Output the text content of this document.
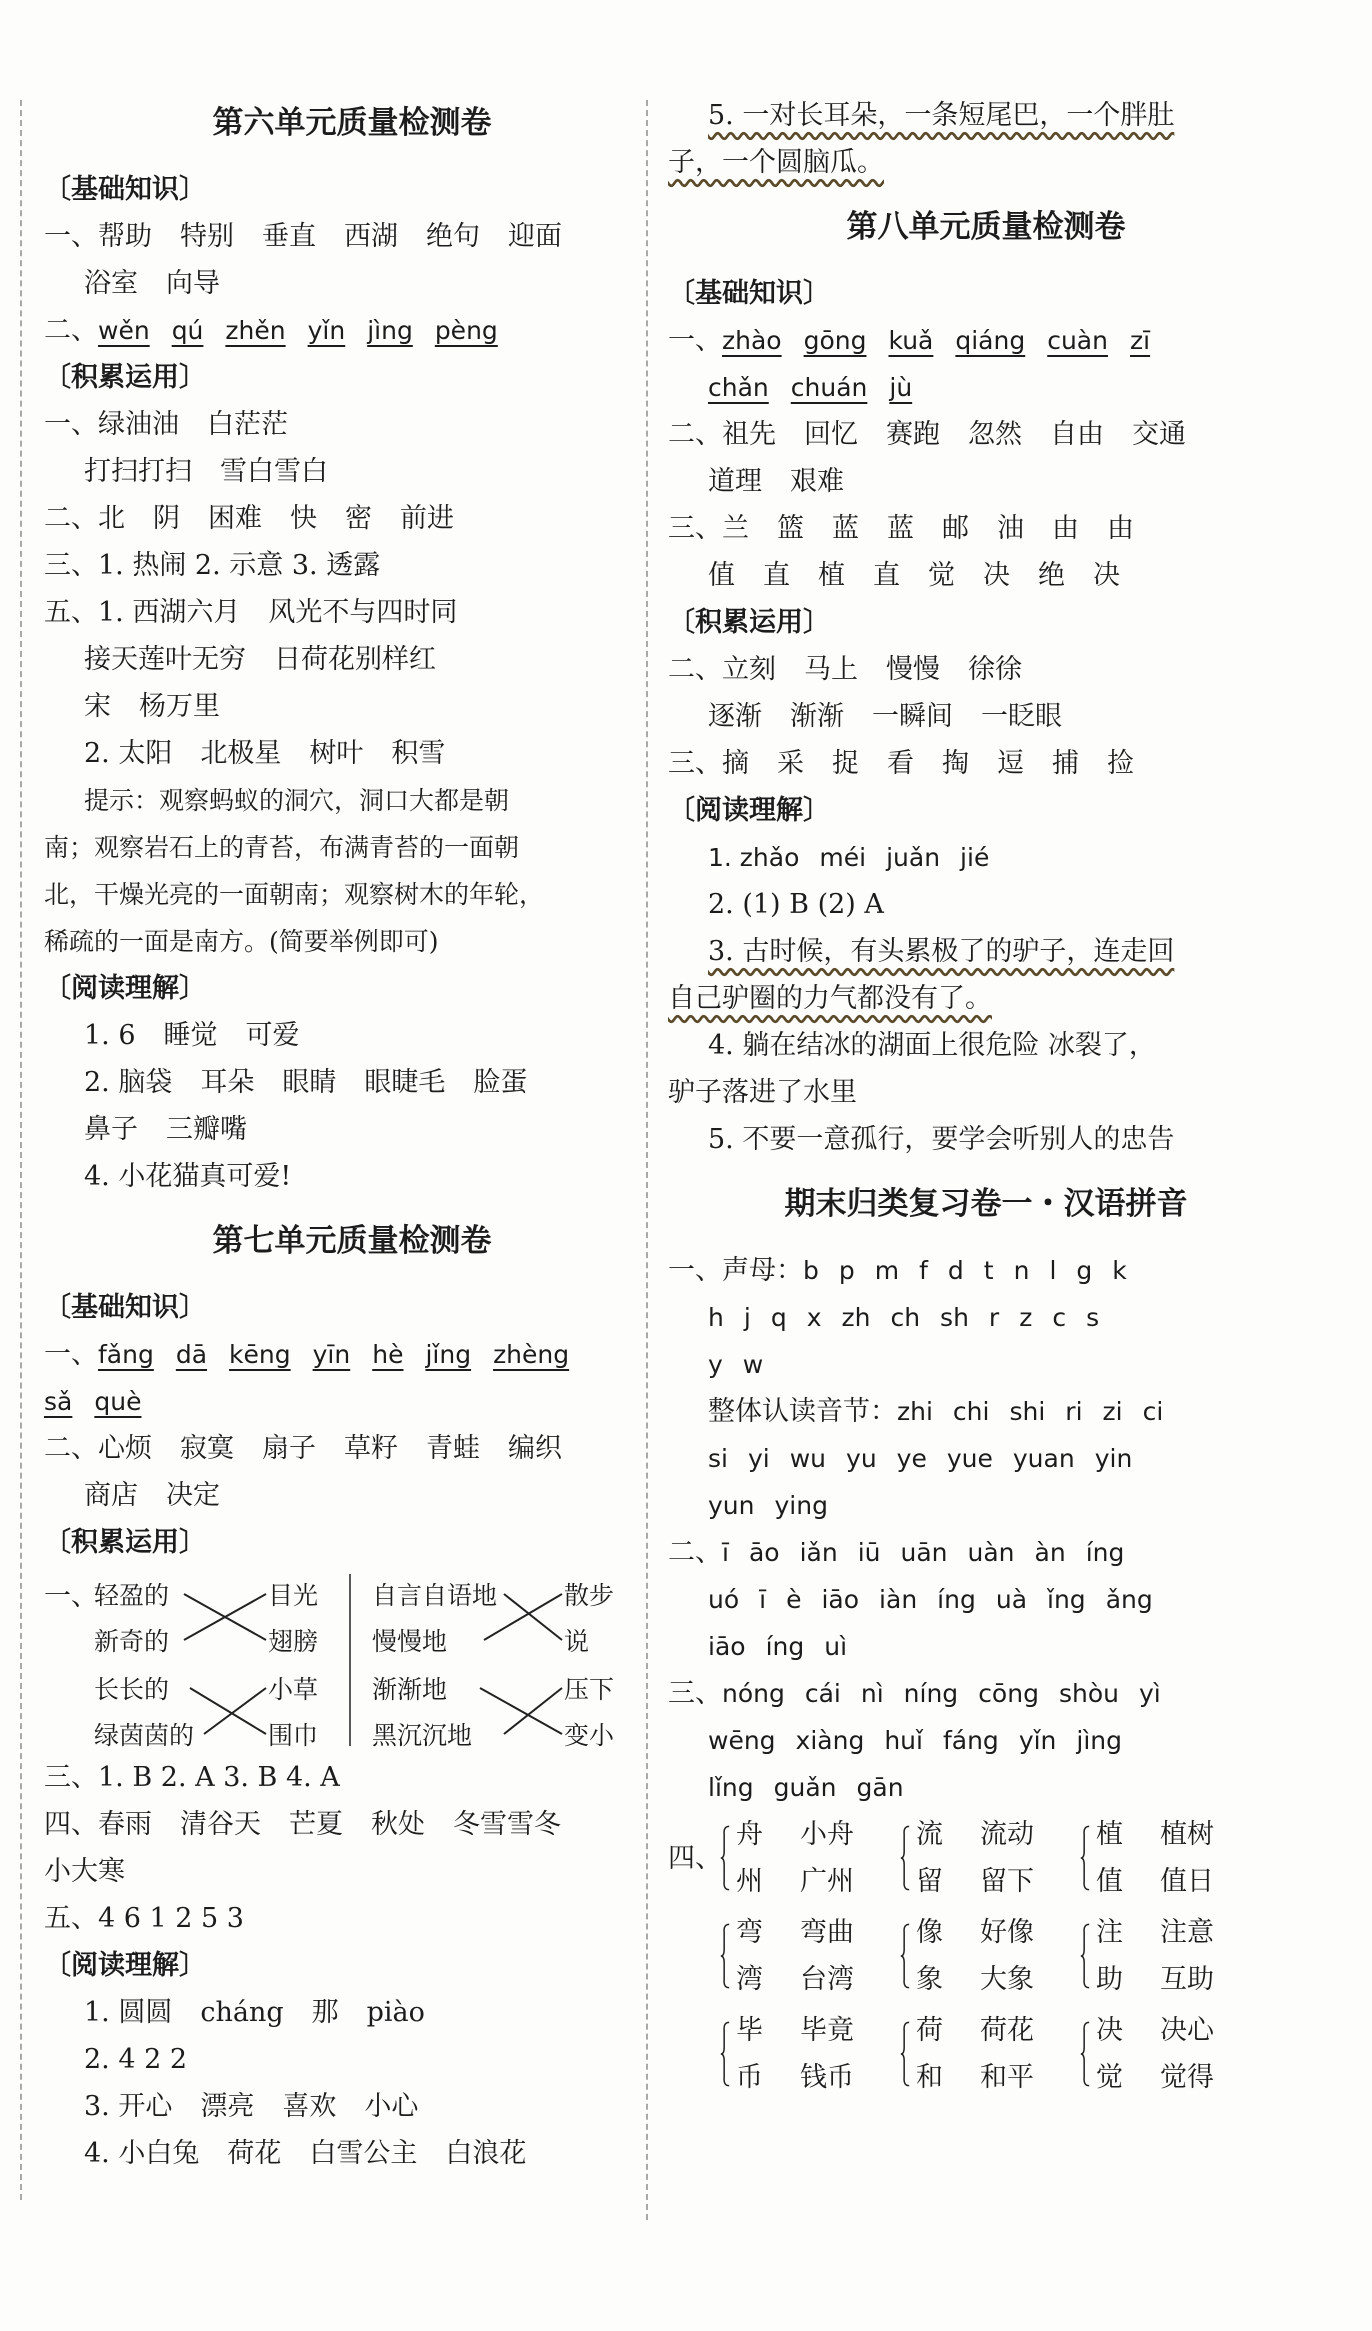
第六单元质量检测卷
〔基础知识〕
一、帮助 特别 垂直 西湖 绝句 迎面
浴室 向导
二、wěn qú zhěn yǐn jìng pèng
〔积累运用〕
一、绿油油 白茫茫
打扫打扫 雪白雪白
二、北 阴 困难 快 密 前进
三、1. 热闹 2. 示意 3. 透露
五、1. 西湖六月 风光不与四时同
接天莲叶无穷 日荷花别样红
宋 杨万里
2. 太阳 北极星 树叶 积雪
提示：观察蚂蚁的洞穴，洞口大都是朝
南；观察岩石上的青苔，布满青苔的一面朝
北，干燥光亮的一面朝南；观察树木的年轮，
稀疏的一面是南方。(简要举例即可)
〔阅读理解〕
1. 6 睡觉 可爱
2. 脑袋 耳朵 眼睛 眼睫毛 脸蛋
鼻子 三瓣嘴
4. 小花猫真可爱!
第七单元质量检测卷
〔基础知识〕
一、fǎng dā kēng yīn hè jǐng zhèng
sǎ què
二、心烦 寂寞 扇子 草籽 青蛙 编织
商店 决定
〔积累运用〕
一、
轻盈的
新奇的
长长的
绿茵茵的
目光
翅膀
小草
围巾
自言自语地
慢慢地
渐渐地
黑沉沉地
散步
说
压下
变小
三、1. B 2. A 3. B 4. A
四、春雨 清谷天 芒夏 秋处 冬雪雪冬
小大寒
五、4 6 1 2 5 3
〔阅读理解〕
1. 圆圆 cháng 那 piào
2. 4 2 2
3. 开心 漂亮 喜欢 小心
4. 小白兔 荷花 白雪公主 白浪花
5. 一对长耳朵，一条短尾巴，一个胖肚
子，一个圆脑瓜。
第八单元质量检测卷
〔基础知识〕
一、zhào gōng kuǎ qiáng cuàn zī
chǎn chuán jù
二、祖先 回忆 赛跑 忽然 自由 交通
道理 艰难
三、兰 篮 蓝 蓝 邮 油 由 由
值 直 植 直 觉 决 绝 决
〔积累运用〕
二、立刻 马上 慢慢 徐徐
逐渐 渐渐 一瞬间 一眨眼
三、摘 采 捉 看 掏 逗 捕 捡
〔阅读理解〕
1. zhǎo méi juǎn jié
2. (1) B (2) A
3. 古时候，有头累极了的驴子，连走回
自己驴圈的力气都没有了。
4. 躺在结冰的湖面上很危险 冰裂了，
驴子落进了水里
5. 不要一意孤行，要学会听别人的忠告
期末归类复习卷一・汉语拼音
一、声母：b p m f d t n l g k
h j q x zh ch sh r z c s
y w
整体认读音节：zhi chi shi ri zi ci
si yi wu yu ye yue yuan yin
yun ying
二、ī āo iǎn iū uān uàn àn íng
uó ī è iāo iàn íng uà ǐng ǎng
iāo íng uì
三、nóng cái nì níng cōng shòu yì
wēng xiàng huǐ fáng yǐn jìng
lǐng guǎn gān
四、
舟 小舟
州 广州
流 流动
留 留下
植 植树
值 值日
弯 弯曲
湾 台湾
像 好像
象 大象
注 注意
助 互助
毕 毕竟
币 钱币
荷 荷花
和 和平
决 决心
觉 觉得
